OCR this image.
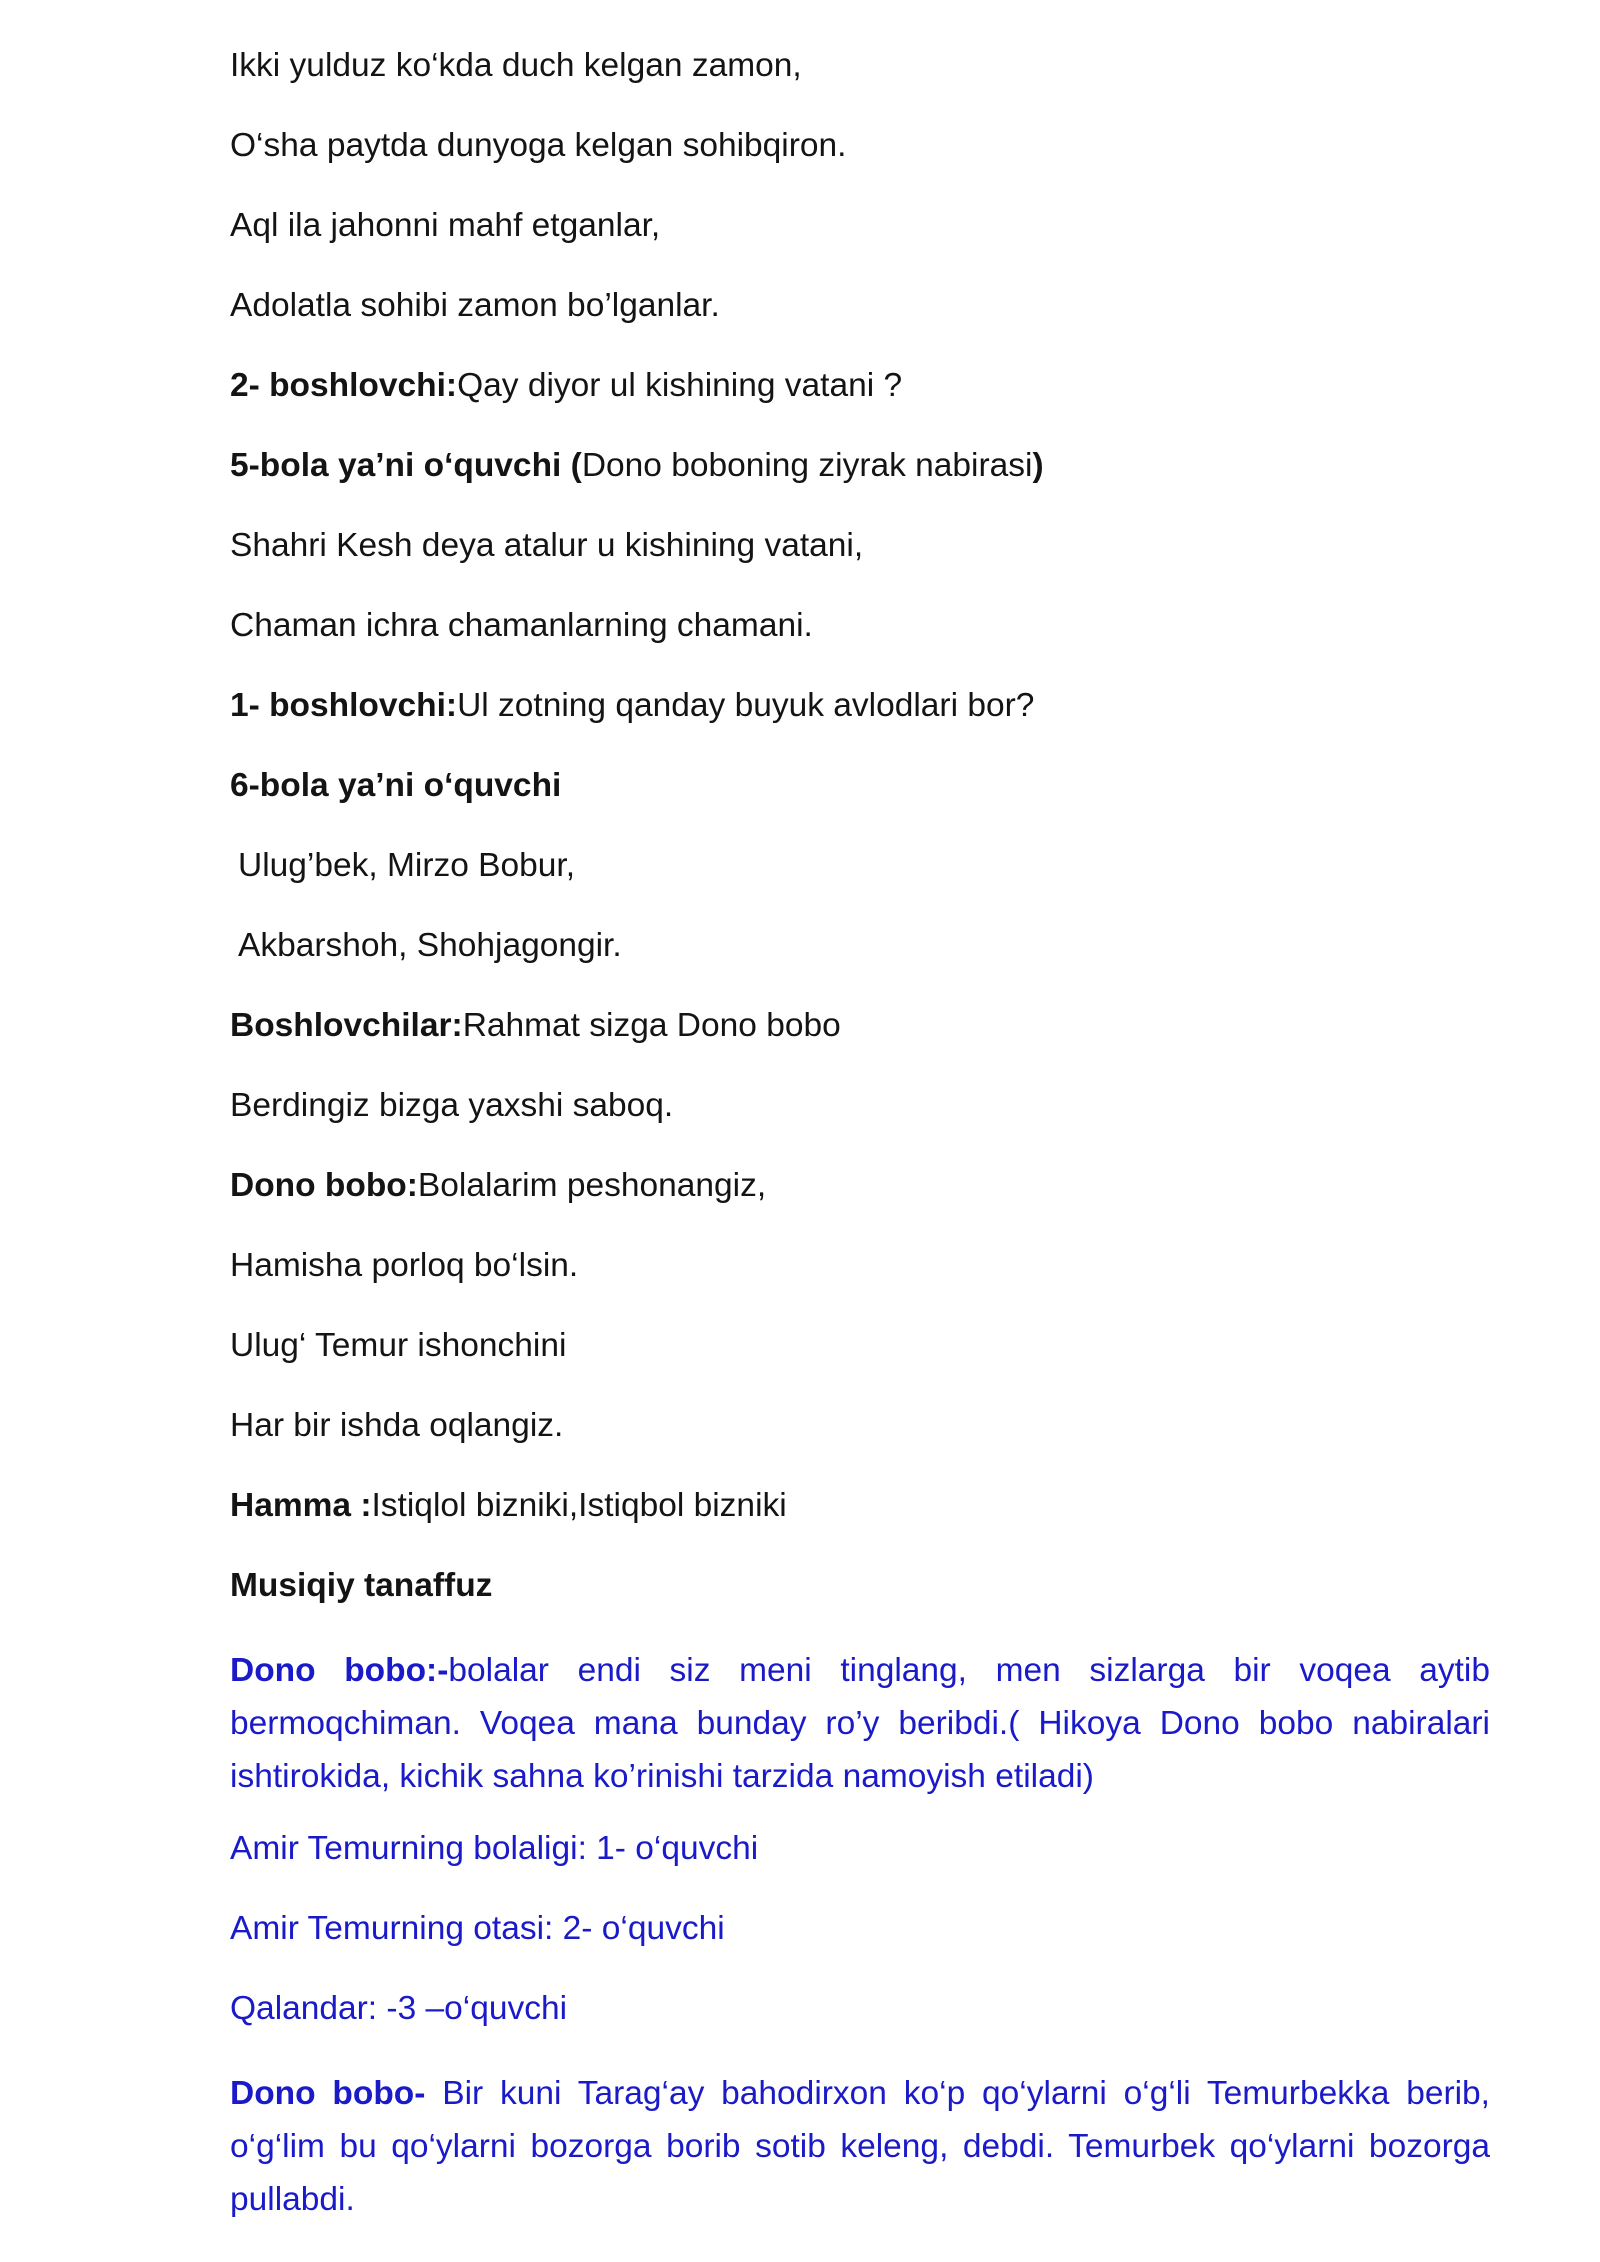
Ikki yulduz ko‘kda duch kelgan zamon,
O‘sha paytda dunyoga kelgan sohibqiron.
Aql ila jahonni mahf etganlar,
Adolatla sohibi zamon bo’lganlar.
2- boshlovchi:Qay diyor ul kishining vatani ?
5-bola ya’ni o‘quvchi (Dono boboning ziyrak nabirasi)
Shahri Kesh deya atalur u kishining vatani,
Chaman ichra chamanlarning chamani.
1- boshlovchi:Ul zotning qanday buyuk avlodlari bor?
6-bola ya’ni o‘quvchi
Ulug’bek, Mirzo Bobur,
Akbarshoh, Shohjagongir.
Boshlovchilar:Rahmat sizga Dono bobo
Berdingiz bizga yaxshi saboq.
Dono bobo:Bolalarim peshonangiz,
Hamisha porloq bo‘lsin.
Ulug‘ Temur ishonchini
Har bir ishda oqlangiz.
Hamma :Istiqlol bizniki,Istiqbol bizniki
Musiqiy tanaffuz

Dono bobo:-bolalar endi siz meni tinglang, men sizlarga bir voqea aytib bermoqchiman. Voqea mana bunday ro’y beribdi.( Hikoya Dono bobo nabiralari ishtirokida, kichik sahna ko’rinishi tarzida namoyish etiladi)

Amir Temurning bolaligi: 1- o‘quvchi
Amir Temurning otasi: 2- o‘quvchi
Qalandar: -3 –o‘quvchi

Dono bobo- Bir kuni Tarag‘ay bahodirxon ko‘p qo‘ylarni o‘g‘li Temurbekka berib, o‘g‘lim bu qo‘ylarni bozorga borib sotib keleng, debdi. Temurbek qo‘ylarni bozorga pullabdi.
